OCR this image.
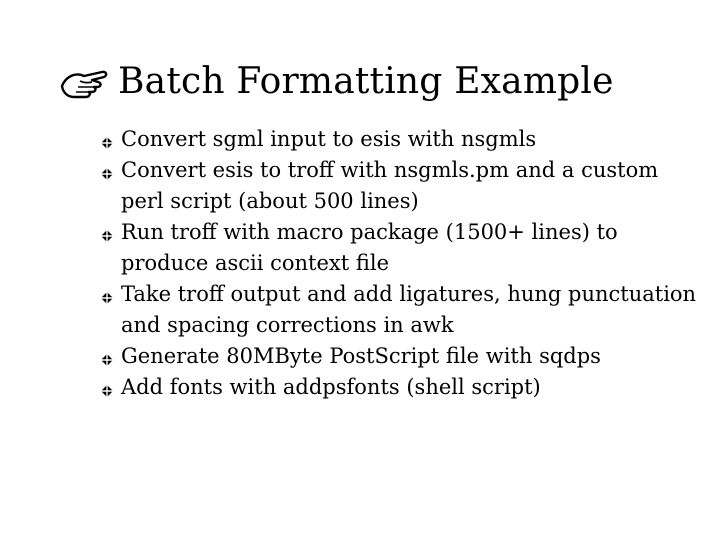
Batch Formatting Example
Convert sgml input to esis with nsgmls
Convert esis to troff with nsgmls.pm and a custom perl script (about 500 lines)
Run troff with macro package (1500+ lines) to produce ascii context file
Take troff output and add ligatures, hung punctuation and spacing corrections in awk
Generate 80MByte PostScript file with sqdps
Add fonts with addpsfonts (shell script)
